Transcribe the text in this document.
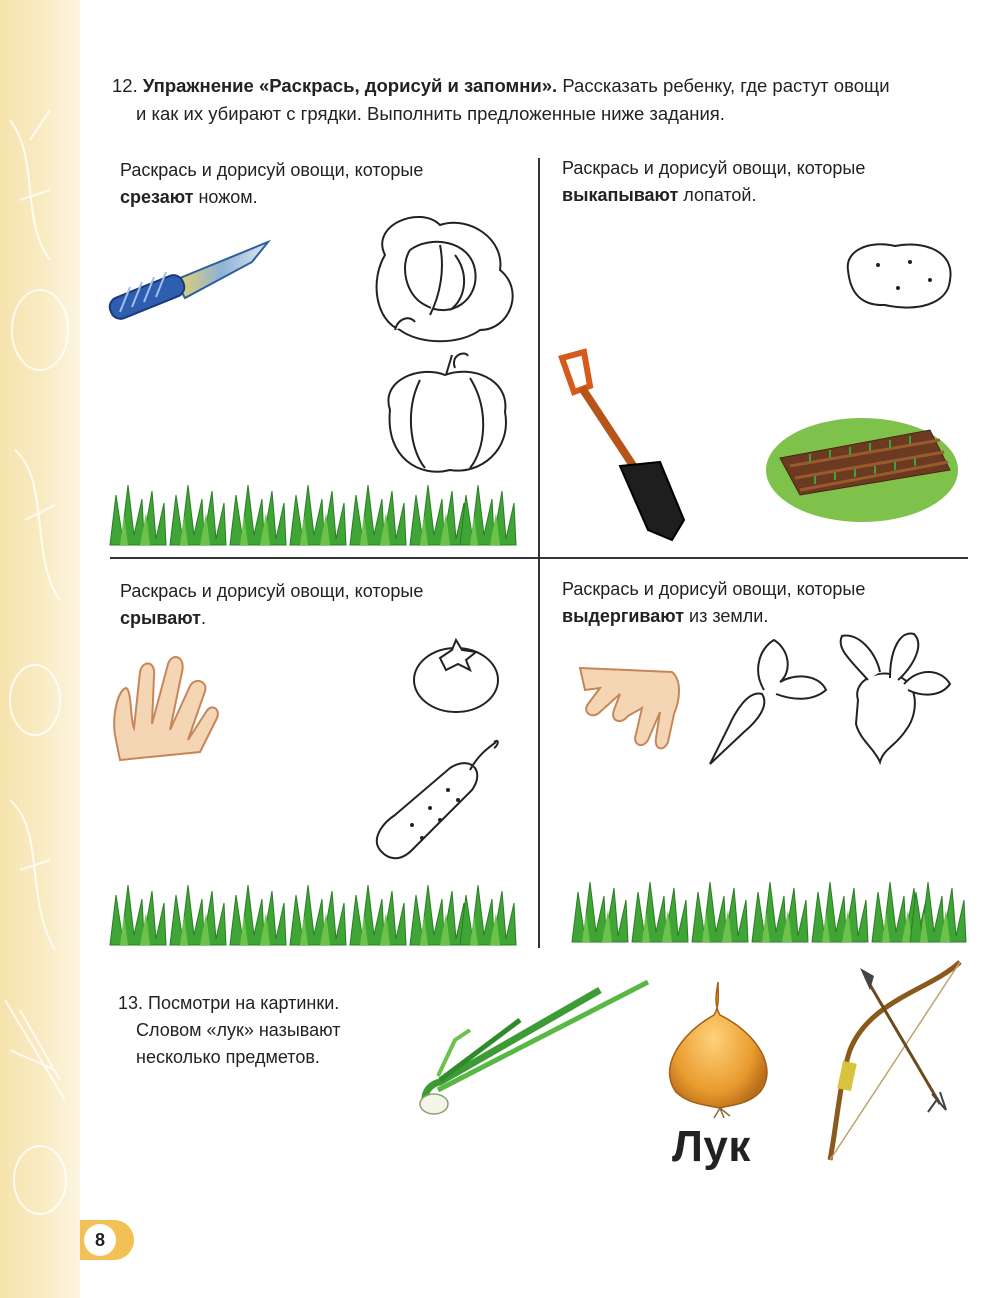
12. Упражнение «Раскрась, дорисуй и запомни». Рассказать ребенку, где растут овощи
и как их убирают с грядки. Выполнить предложенные ниже задания.
Раскрась и дорисуй овощи, которые
срезают ножом.
Раскрась и дорисуй овощи, которые
выкапывают лопатой.
Раскрась и дорисуй овощи, которые
срывают.
Раскрась и дорисуй овощи, которые
выдергивают из земли.
13. Посмотри на картинки.
Словом «лук» называют
несколько предметов.
Лук
8
